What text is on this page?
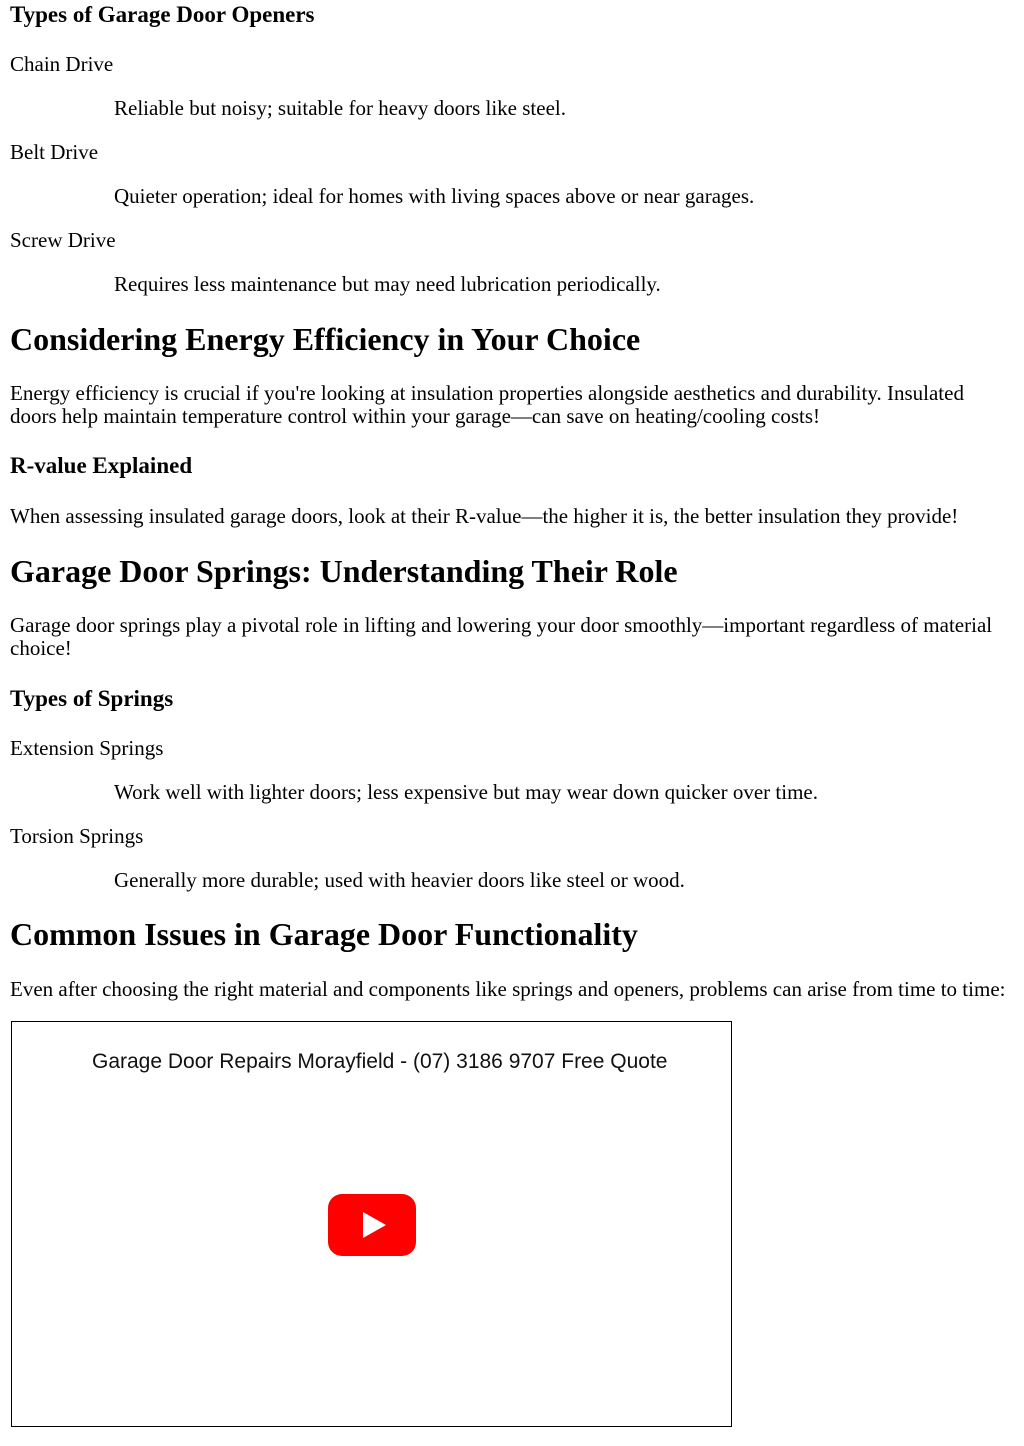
Types of Garage Door Openers
Chain Drive
Reliable but noisy; suitable for heavy doors like steel.
Belt Drive
Quieter operation; ideal for homes with living spaces above or near garages.
Screw Drive
Requires less maintenance but may need lubrication periodically.
Considering Energy Efficiency in Your Choice

Energy efficiency is crucial if you're looking at insulation properties alongside aesthetics and durability. Insulated doors help maintain temperature control within your garage—can save on heating/cooling costs!

R-value Explained

When assessing insulated garage doors, look at their R-value—the higher it is, the better insulation they provide!

Garage Door Springs: Understanding Their Role

Garage door springs play a pivotal role in lifting and lowering your door smoothly—important regardless of material choice!

Types of Springs
Extension Springs
Work well with lighter doors; less expensive but may wear down quicker over time.
Torsion Springs
Generally more durable; used with heavier doors like steel or wood.
Common Issues in Garage Door Functionality

Even after choosing the right material and components like springs and openers, problems can arise from time to time:

Garage Door Repairs Morayfield - (07) 3186 9707 Free Quote
